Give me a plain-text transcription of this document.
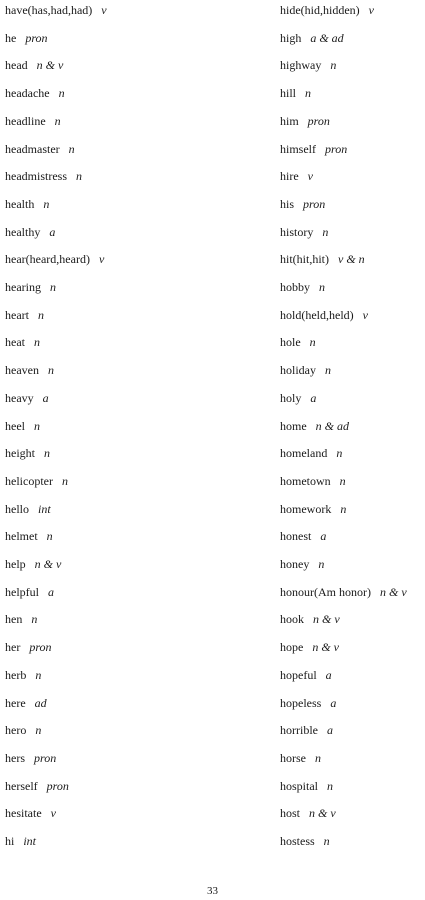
have(has,had,had) v
he pron
head n & v
headache n
headline n
headmaster n
headmistress n
health n
healthy a
hear(heard,heard) v
hearing n
heart n
heat n
heaven n
heavy a
heel n
height n
helicopter n
hello int
helmet n
help n & v
helpful a
hen n
her pron
herb n
here ad
hero n
hers pron
herself pron
hesitate v
hi int
hide(hid,hidden) v
high a & ad
highway n
hill n
him pron
himself pron
hire v
his pron
history n
hit(hit,hit) v & n
hobby n
hold(held,held) v
hole n
holiday n
holy a
home n & ad
homeland n
hometown n
homework n
honest a
honey n
honour(Am honor) n & v
hook n & v
hope n & v
hopeful a
hopeless a
horrible a
horse n
hospital n
host n & v
hostess n
33
